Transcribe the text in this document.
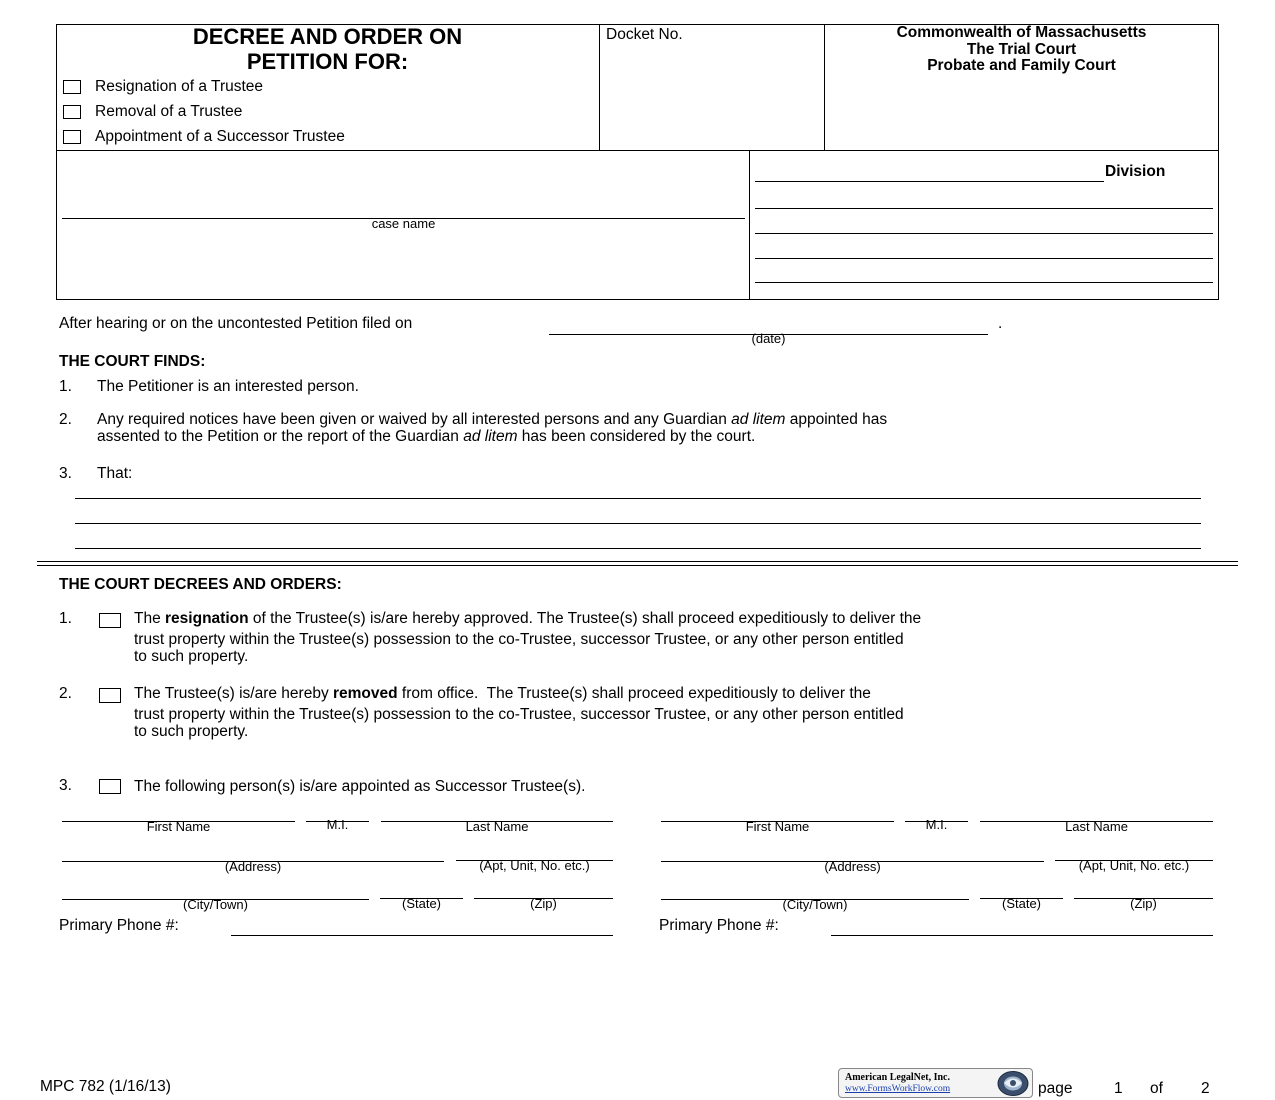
DECREE AND ORDER ON
PETITION FOR:
Resignation of a Trustee
Removal of a Trustee
Appointment of a Successor Trustee
Docket No.	Commonwealth of Massachusetts
The Trial Court
Probate and Family Court
case name
Division
After hearing or on the uncontested Petition filed on	.
(date)
THE COURT FINDS:
1. The Petitioner is an interested person.
2. Any required notices have been given or waived by all interested persons and any Guardian ad litem appointed has
assented to the Petition or the report of the Guardian ad litem has been considered by the court.
3. That:
THE COURT DECREES AND ORDERS:
1.	The resignation of the Trustee(s) is/are hereby approved. The Trustee(s) shall proceed expeditiously to deliver the
trust property within the Trustee(s) possession to the co-Trustee, successor Trustee, or any other person entitled
to such property.
2.	The Trustee(s) is/are hereby removed from office.  The Trustee(s) shall proceed expeditiously to deliver the
trust property within the Trustee(s) possession to the co-Trustee, successor Trustee, or any other person entitled
to such property.
3.	The following person(s) is/are appointed as Successor Trustee(s).
First Name	M.I.	Last Name
(Address)	(Apt, Unit, No. etc.)
(City/Town)	(State)	(Zip)
Primary Phone #:
First Name	M.I.	Last Name
(Address)	(Apt, Unit, No. etc.)
(City/Town)	(State)	(Zip)
Primary Phone #:
MPC 782 (1/16/13)
American LegalNet, Inc.
www.FormsWorkFlow.com	page	1 of 2
